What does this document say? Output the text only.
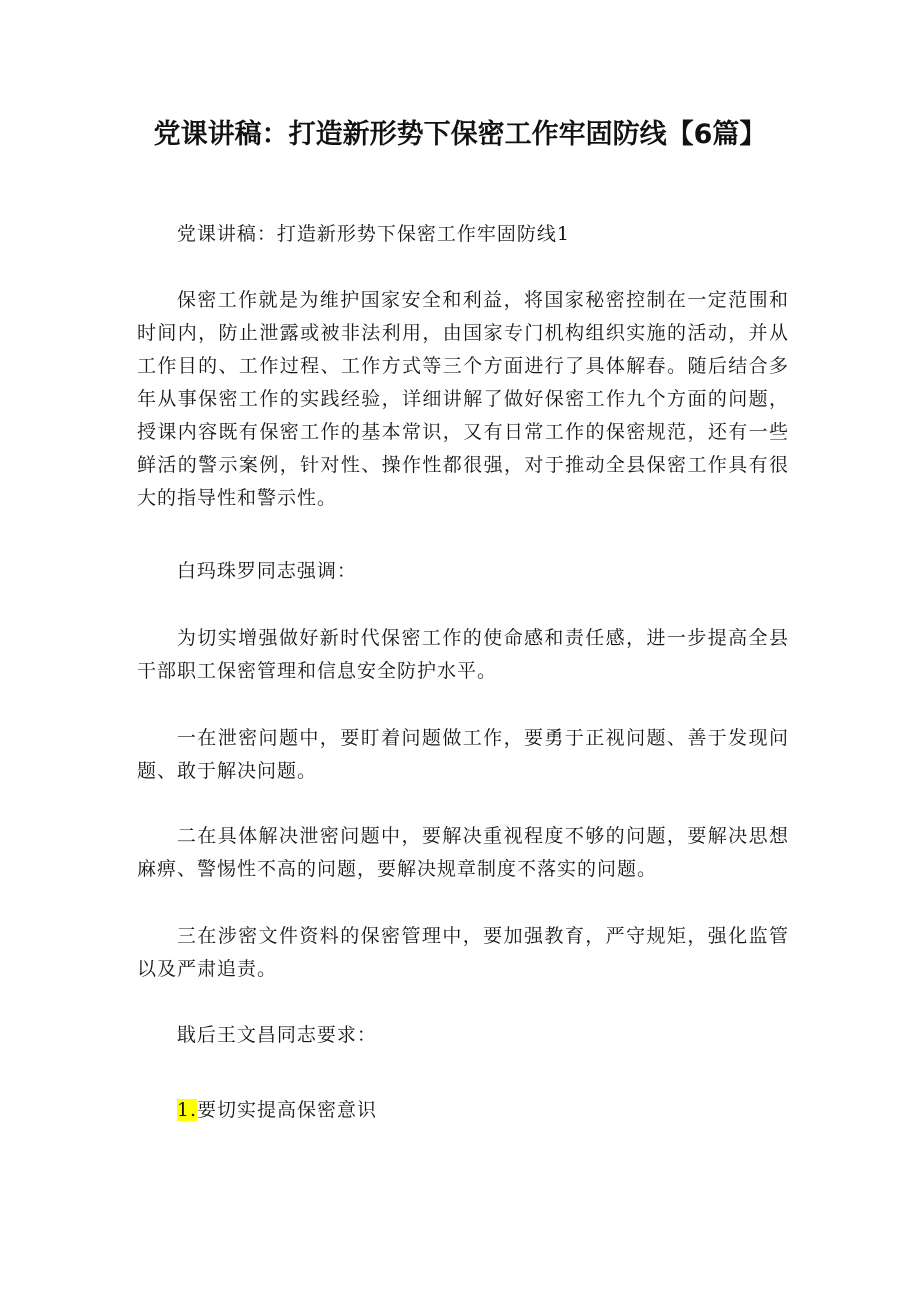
党课讲稿：打造新形势下保密工作牢固防线【6篇】

党课讲稿：打造新形势下保密工作牢固防线1

保密工作就是为维护国家安全和利益，将国家秘密控制在一定范围和时间内，防止泄露或被非法利用，由国家专门机构组织实施的活动，并从工作目的、工作过程、工作方式等三个方面进行了具体解春。随后结合多年从事保密工作的实践经验，详细讲解了做好保密工作九个方面的问题，授课内容既有保密工作的基本常识，又有日常工作的保密规范，还有一些鲜活的警示案例，针对性、操作性都很强，对于推动全县保密工作具有很大的指导性和警示性。

白玛珠罗同志强调：

为切实增强做好新时代保密工作的使命感和责任感，进一步提高全县干部职工保密管理和信息安全防护水平。

一在泄密问题中，要盯着问题做工作，要勇于正视问题、善于发现问题、敢于解决问题。

二在具体解决泄密问题中，要解决重视程度不够的问题，要解决思想麻痹、警惕性不高的问题，要解决规章制度不落实的问题。

三在涉密文件资料的保密管理中，要加强教育，严守规矩，强化监管以及严肃追责。

戢后王文昌同志要求：

1.要切实提高保密意识
